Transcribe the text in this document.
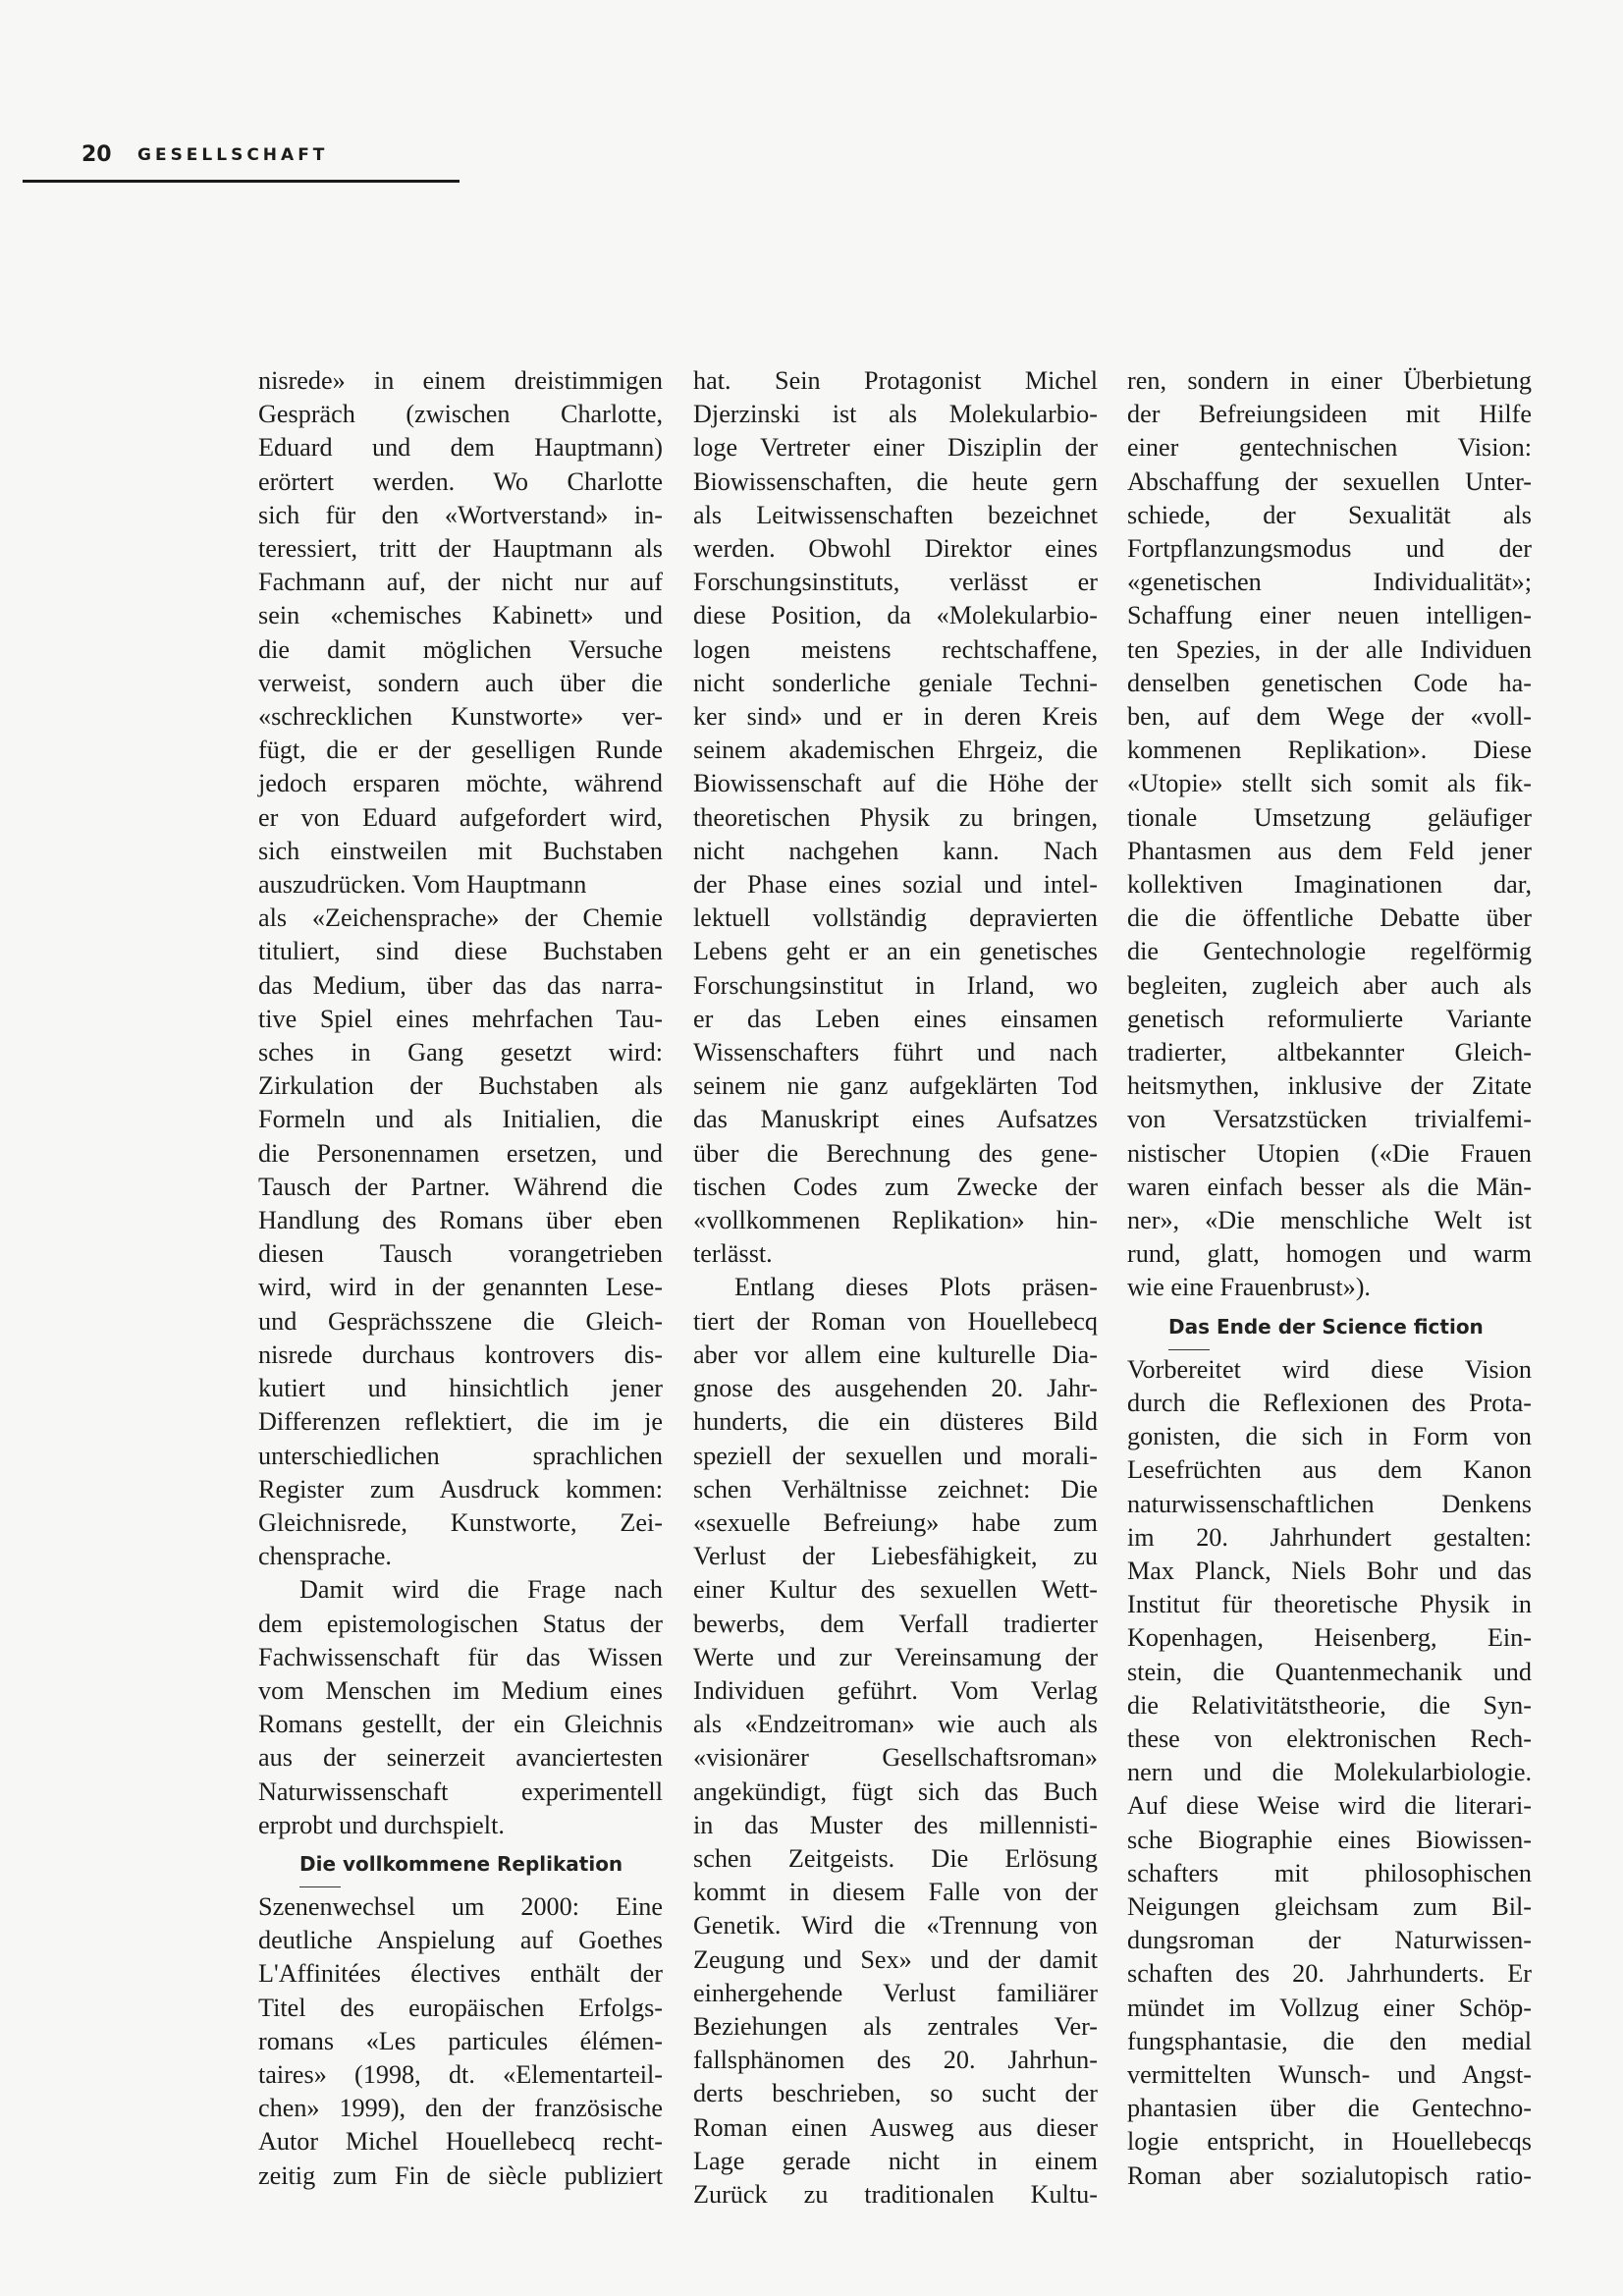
20 GESELLSCHAFT
nisrede» in einem dreistimmigen
Gespräch (zwischen Charlotte,
Eduard und dem Hauptmann)
erörtert werden. Wo Charlotte
sich für den «Wortverstand» in-
teressiert, tritt der Hauptmann als
Fachmann auf, der nicht nur auf
sein «chemisches Kabinett» und
die damit möglichen Versuche
verweist, sondern auch über die
«schrecklichen Kunstworte» ver-
fügt, die er der geselligen Runde
jedoch ersparen möchte, während
er von Eduard aufgefordert wird,
sich einstweilen mit Buchstaben
auszudrücken. Vom Hauptmann
als «Zeichensprache» der Chemie
tituliert, sind diese Buchstaben
das Medium, über das das narra-
tive Spiel eines mehrfachen Tau-
sches in Gang gesetzt wird:
Zirkulation der Buchstaben als
Formeln und als Initialien, die
die Personennamen ersetzen, und
Tausch der Partner. Während die
Handlung des Romans über eben
diesen Tausch vorangetrieben
wird, wird in der genannten Lese-
und Gesprächsszene die Gleich-
nisrede durchaus kontrovers dis-
kutiert und hinsichtlich jener
Differenzen reflektiert, die im je
unterschiedlichen sprachlichen
Register zum Ausdruck kommen:
Gleichnisrede, Kunstworte, Zei-
chensprache.
Damit wird die Frage nach
dem epistemologischen Status der
Fachwissenschaft für das Wissen
vom Menschen im Medium eines
Romans gestellt, der ein Gleichnis
aus der seinerzeit avanciertesten
Naturwissenschaft experimentell
erprobt und durchspielt.
Die vollkommene Replikation
Szenenwechsel um 2000: Eine
deutliche Anspielung auf Goethes
L'Affinitées électives enthält der
Titel des europäischen Erfolgs-
romans «Les particules élémen-
taires» (1998, dt. «Elementarteil-
chen» 1999), den der französische
Autor Michel Houellebecq recht-
zeitig zum Fin de siècle publiziert
hat. Sein Protagonist Michel
Djerzinski ist als Molekularbio-
loge Vertreter einer Disziplin der
Biowissenschaften, die heute gern
als Leitwissenschaften bezeichnet
werden. Obwohl Direktor eines
Forschungsinstituts, verlässt er
diese Position, da «Molekularbio-
logen meistens rechtschaffene,
nicht sonderliche geniale Techni-
ker sind» und er in deren Kreis
seinem akademischen Ehrgeiz, die
Biowissenschaft auf die Höhe der
theoretischen Physik zu bringen,
nicht nachgehen kann. Nach
der Phase eines sozial und intel-
lektuell vollständig depravierten
Lebens geht er an ein genetisches
Forschungsinstitut in Irland, wo
er das Leben eines einsamen
Wissenschafters führt und nach
seinem nie ganz aufgeklärten Tod
das Manuskript eines Aufsatzes
über die Berechnung des gene-
tischen Codes zum Zwecke der
«vollkommenen Replikation» hin-
terlässt.
Entlang dieses Plots präsen-
tiert der Roman von Houellebecq
aber vor allem eine kulturelle Dia-
gnose des ausgehenden 20. Jahr-
hunderts, die ein düsteres Bild
speziell der sexuellen und morali-
schen Verhältnisse zeichnet: Die
«sexuelle Befreiung» habe zum
Verlust der Liebesfähigkeit, zu
einer Kultur des sexuellen Wett-
bewerbs, dem Verfall tradierter
Werte und zur Vereinsamung der
Individuen geführt. Vom Verlag
als «Endzeitroman» wie auch als
«visionärer Gesellschaftsroman»
angekündigt, fügt sich das Buch
in das Muster des millennisti-
schen Zeitgeists. Die Erlösung
kommt in diesem Falle von der
Genetik. Wird die «Trennung von
Zeugung und Sex» und der damit
einhergehende Verlust familiärer
Beziehungen als zentrales Ver-
fallsphänomen des 20. Jahrhun-
derts beschrieben, so sucht der
Roman einen Ausweg aus dieser
Lage gerade nicht in einem
Zurück zu traditionalen Kultu-
ren, sondern in einer Überbietung
der Befreiungsideen mit Hilfe
einer gentechnischen Vision:
Abschaffung der sexuellen Unter-
schiede, der Sexualität als
Fortpflanzungsmodus und der
«genetischen Individualität»;
Schaffung einer neuen intelligen-
ten Spezies, in der alle Individuen
denselben genetischen Code ha-
ben, auf dem Wege der «voll-
kommenen Replikation». Diese
«Utopie» stellt sich somit als fik-
tionale Umsetzung geläufiger
Phantasmen aus dem Feld jener
kollektiven Imaginationen dar,
die die öffentliche Debatte über
die Gentechnologie regelförmig
begleiten, zugleich aber auch als
genetisch reformulierte Variante
tradierter, altbekannter Gleich-
heitsmythen, inklusive der Zitate
von Versatzstücken trivialfemi-
nistischer Utopien («Die Frauen
waren einfach besser als die Män-
ner», «Die menschliche Welt ist
rund, glatt, homogen und warm
wie eine Frauenbrust»).
Das Ende der Science fiction
Vorbereitet wird diese Vision
durch die Reflexionen des Prota-
gonisten, die sich in Form von
Lesefrüchten aus dem Kanon
naturwissenschaftlichen Denkens
im 20. Jahrhundert gestalten:
Max Planck, Niels Bohr und das
Institut für theoretische Physik in
Kopenhagen, Heisenberg, Ein-
stein, die Quantenmechanik und
die Relativitätstheorie, die Syn-
these von elektronischen Rech-
nern und die Molekularbiologie.
Auf diese Weise wird die literari-
sche Biographie eines Biowissen-
schafters mit philosophischen
Neigungen gleichsam zum Bil-
dungsroman der Naturwissen-
schaften des 20. Jahrhunderts. Er
mündet im Vollzug einer Schöp-
fungsphantasie, die den medial
vermittelten Wunsch- und Angst-
phantasien über die Gentechno-
logie entspricht, in Houellebecqs
Roman aber sozialutopisch ratio-
